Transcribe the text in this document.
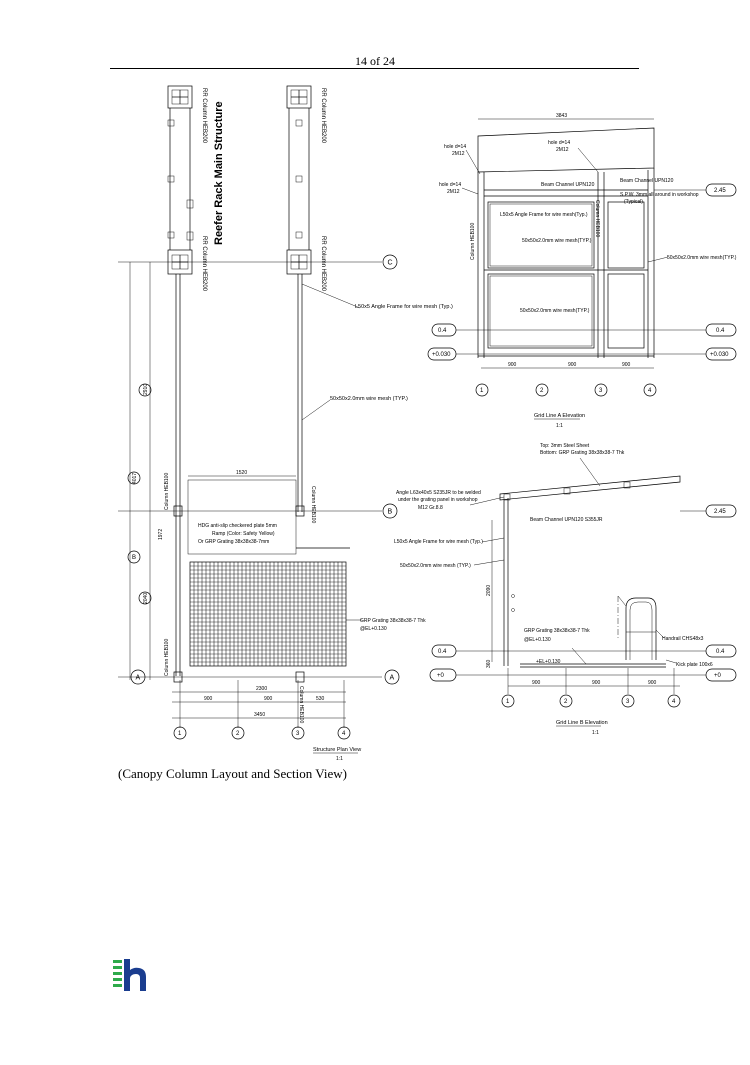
14 of 24
RR Column HEB200	RR Column HEB200
RR Column HEB200	RR Column HEB200
Reefer Rack Main Structure
C
L50x5 Angle Frame for wire mesh (Typ.)
50x50x2.0mm wire mesh (TYP.)
2910
4017
1972
2040
B
B
Column HEB100	Column HEB100
1520
HDG anti-slip checkered plate 5mm
Ramp (Color: Safety Yellow)
Or GRP Grating 38x38x38-7mm
GRP Grating 38x38x38-7 Thk
@EL+0.130
A	A
Column HEB100
Column HEB100
2300
900	900	530
3450
1	2	3	4
Structure Plan View
1:1
3843
hole d=14
2M12
hole d=14
2M12
hole d=14
2M12
Beam Channel UPN120
Beam Channel UPN120
S.P.W. 3mm all around in workshop
(Typical)
Column HEB100
Column HEB100
L50x5 Angle Frame for wire mesh(Typ.)
50x50x2.0mm wire mesh(TYP.)
50x50x2.0mm wire mesh(TYP.)
50x50x2.0mm wire mesh(TYP.)
2.45
0.4	0.4
+0.030	+0.030
900	900	900
1	2	3	4
Grid Line A Elevation
1:1
Top: 3mm Steel Sheet
Bottom: GRP Grating 38x38x38-7 Thk
Angle L63x40x5 S235JR to be welded
under the grating panel in workshop
M12 Gr.8.8
Beam Channel UPN120 S355JR
L50x5 Angle Frame for wire mesh (Typ.)
50x50x2.0mm wire mesh (TYP.)
2.45
2090
360
Handrail CHS48x3
Kick plate 100x6
GRP Grating 38x38x38-7 Thk
@EL+0.130
+EL+0.130
0.4	0.4
+0	+0
900	900	900
1	2	3	4
Grid Line B Elevation
1:1
(Canopy Column Layout and Section View)
